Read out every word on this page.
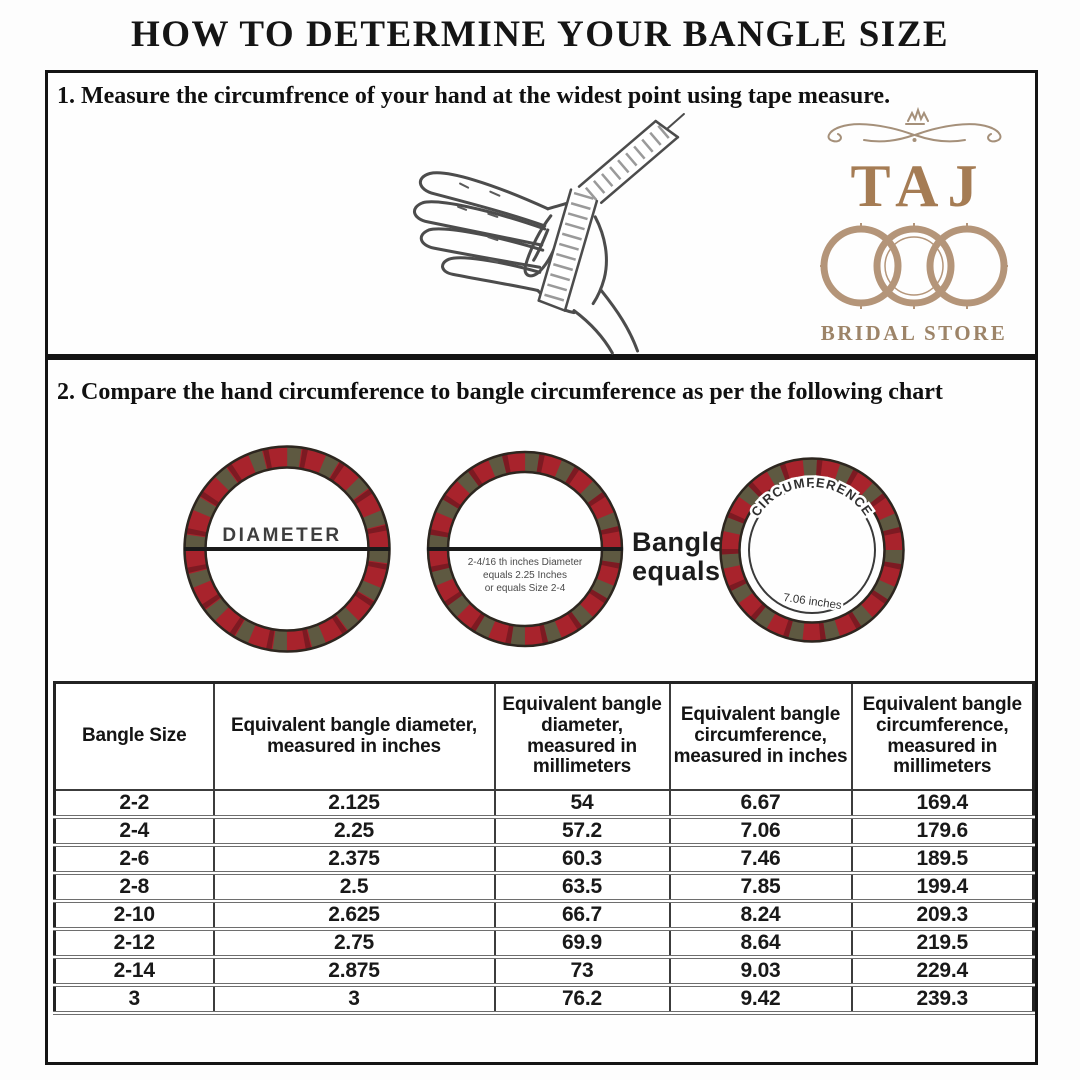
HOW TO DETERMINE YOUR BANGLE SIZE
1. Measure the circumfrence of your hand at the widest point using tape measure.
TAJ
BRIDAL STORE
2. Compare the hand circumference to bangle circumference as per the following chart
DIAMETER
2-4/16 th inches Diameter
equals 2.25 Inches
or equals Size 2-4
Bangle
equals
CIRCUMFERENCE
7.06 inches
Bangle Size	Equivalent bangle diameter, measured in inches	Equivalent bangle diameter, measured in millimeters	Equivalent bangle circumference, measured in inches	Equivalent bangle circumference, measured in millimeters
2-2	2.125	54	6.67	169.4
2-4	2.25	57.2	7.06	179.6
2-6	2.375	60.3	7.46	189.5
2-8	2.5	63.5	7.85	199.4
2-10	2.625	66.7	8.24	209.3
2-12	2.75	69.9	8.64	219.5
2-14	2.875	73	9.03	229.4
3	3	76.2	9.42	239.3
